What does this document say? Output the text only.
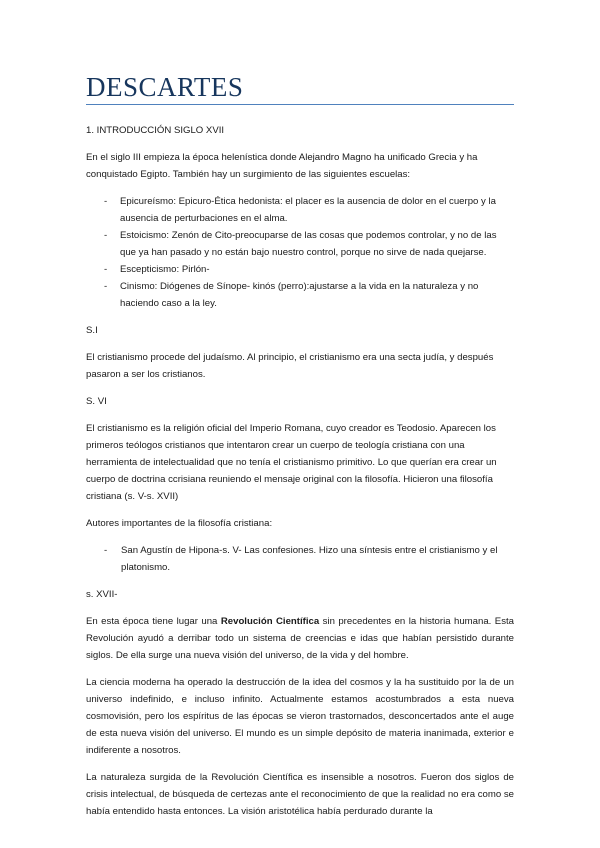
DESCARTES

1. INTRODUCCIÓN SIGLO XVII

En el siglo III empieza la época helenística donde Alejandro Magno ha unificado Grecia y ha conquistado Egipto. También hay un surgimiento de las siguientes escuelas:

- Epicureísmo: Epicuro-Ética hedonista: el placer es la ausencia de dolor en el cuerpo y la ausencia de perturbaciones en el alma.
- Estoicismo: Zenón de Cito-preocuparse de las cosas que podemos controlar, y no de las que ya han pasado y no están bajo nuestro control, porque no sirve de nada quejarse.
- Escepticismo: Pirlón-
- Cinismo: Diógenes de Sínope- kinós (perro):ajustarse a la vida en la naturaleza y no haciendo caso a la ley.

S.I

El cristianismo procede del judaísmo. Al principio, el cristianismo era una secta judía, y después pasaron a ser los cristianos.

S. VI

El cristianismo es la religión oficial del Imperio Romana, cuyo creador es Teodosio. Aparecen los primeros teólogos cristianos que intentaron crear un cuerpo de teología cristiana con una herramienta de intelectualidad que no tenía el cristianismo primitivo. Lo que querían era crear un cuerpo de doctrina ccrisiana reuniendo el mensaje original con la filosofía. Hicieron una filosofía cristiana (s. V-s. XVII)

Autores importantes de la filosofía cristiana:

- San Agustín de Hipona-s. V- Las confesiones. Hizo una síntesis entre el cristianismo y el platonismo.

s. XVII-

En esta época tiene lugar una Revolución Científica sin precedentes en la historia humana. Esta Revolución ayudó a derribar todo un sistema de creencias e idas que habían persistido durante siglos. De ella surge una nueva visión del universo, de la vida y del hombre.

La ciencia moderna ha operado la destrucción de la idea del cosmos y la ha sustituido por la de un universo indefinido, e incluso infinito. Actualmente estamos acostumbrados a esta nueva cosmovisión, pero los espíritus de las épocas se vieron trastornados, desconcertados ante el auge de esta nueva visión del universo. El mundo es un simple depósito de materia inanimada, exterior e indiferente a nosotros.

La naturaleza surgida de la Revolución Científica es insensible a nosotros. Fueron dos siglos de crisis intelectual, de búsqueda de certezas ante el reconocimiento de que la realidad no era como se había entendido hasta entonces. La visión aristotélica había perdurado durante la
